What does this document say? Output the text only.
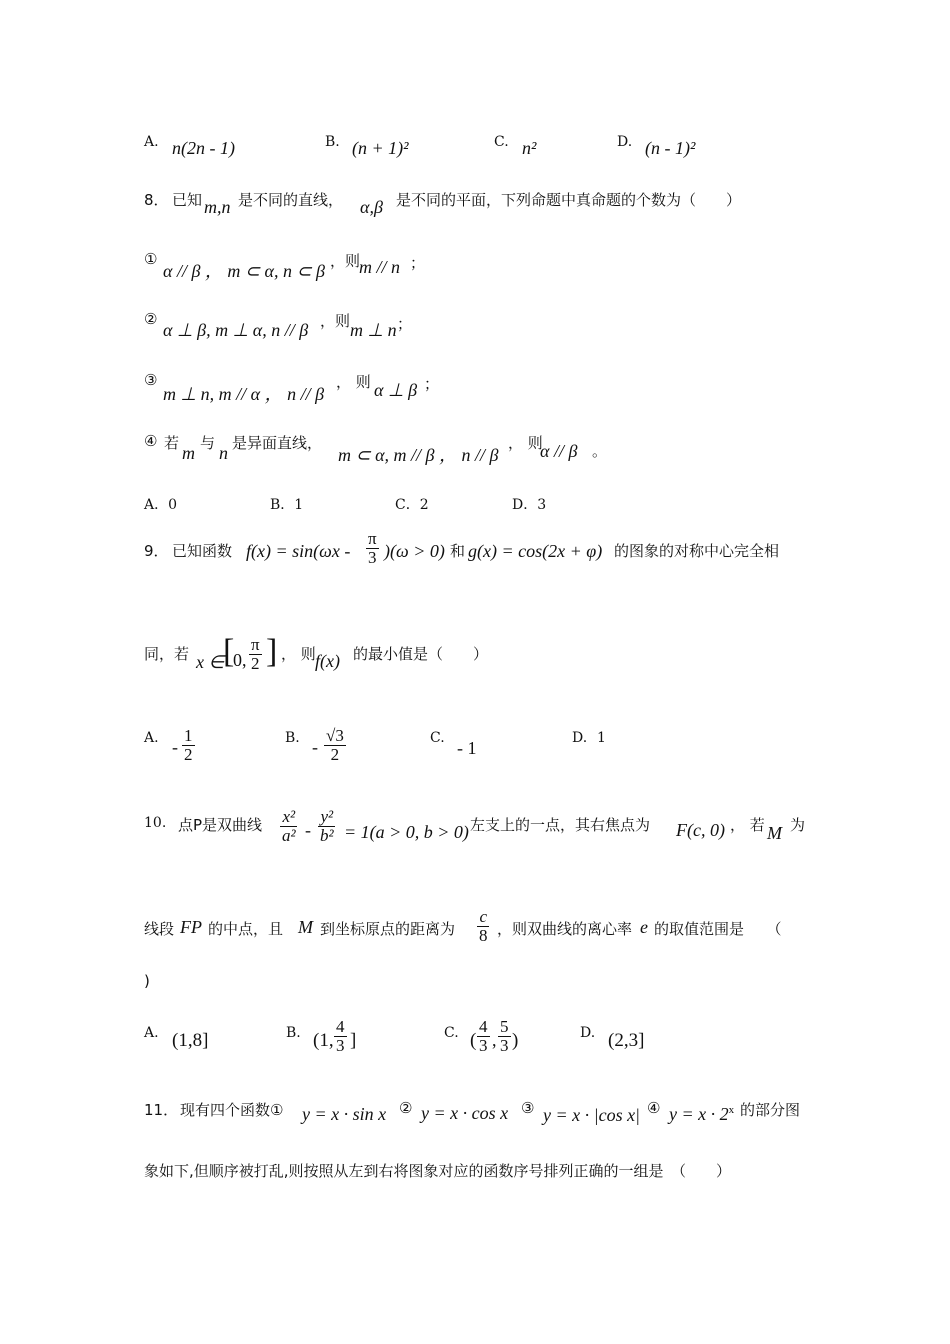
A. n(2n - 1)	B. (n + 1)²	C. n²	D. (n - 1)²
8． 已知 m,n 是不同的直线， α,β 是不同的平面，下列命题中真命题的个数为（　　）
①
α // β ， m ⊂ α, n ⊂ β ，则
m // n ；
②
α ⊥ β, m ⊥ α, n // β ，则 m ⊥ n ；
③
m ⊥ n, m // α ， n // β
， 则 α ⊥ β ；
④ 若 m 与 n 是异面直线，
m ⊂ α, m // β ， n // β
， 则
α // β 。
A．0	B．1	C．2	D．3
9． 已知函数 $f(x) = \sin(\omega x - \frac{\pi}{3} )(\omega > 0)$ 和 g(x) = cos(2x + φ) 的图象的对称中心完全相
同，若 x ∈
[
0, $\frac{\pi}{2}$ ] ， 则 f(x) 的最小值是（　　）
A. - $\frac{1}{2}$	B. - $\frac{√3}{2}$	C. - 1	D. 1
10. 点P是双曲线 $\frac{\text{x²}}{\text{a²}} - \frac{\text{y²}}{\text{b²}} = 1(a > 0$, b > 0) 左支上的一点，其右焦点为 F(c, 0) ， 若 M 为
线段 FP 的中点，且 M 到坐标原点的距离为 $\frac{c}{8}$ ，则双曲线的离心率 e 的取值范围是　　（
)
A. (1,8]	B. (1, $\frac{4}{3}$ ]	C. ( $\frac{4}{3}$ , $\frac{5}{3}$ )	D. (2,3]
11． 现有四个函数① y = x · sin x ② y = x · cos x ③ y = x · |cos x| ④ $y = x \cdot 2^x$ 的部分图
象如下,但顺序被打乱,则按照从左到右将图象对应的函数序号排列正确的一组是　（　　）
